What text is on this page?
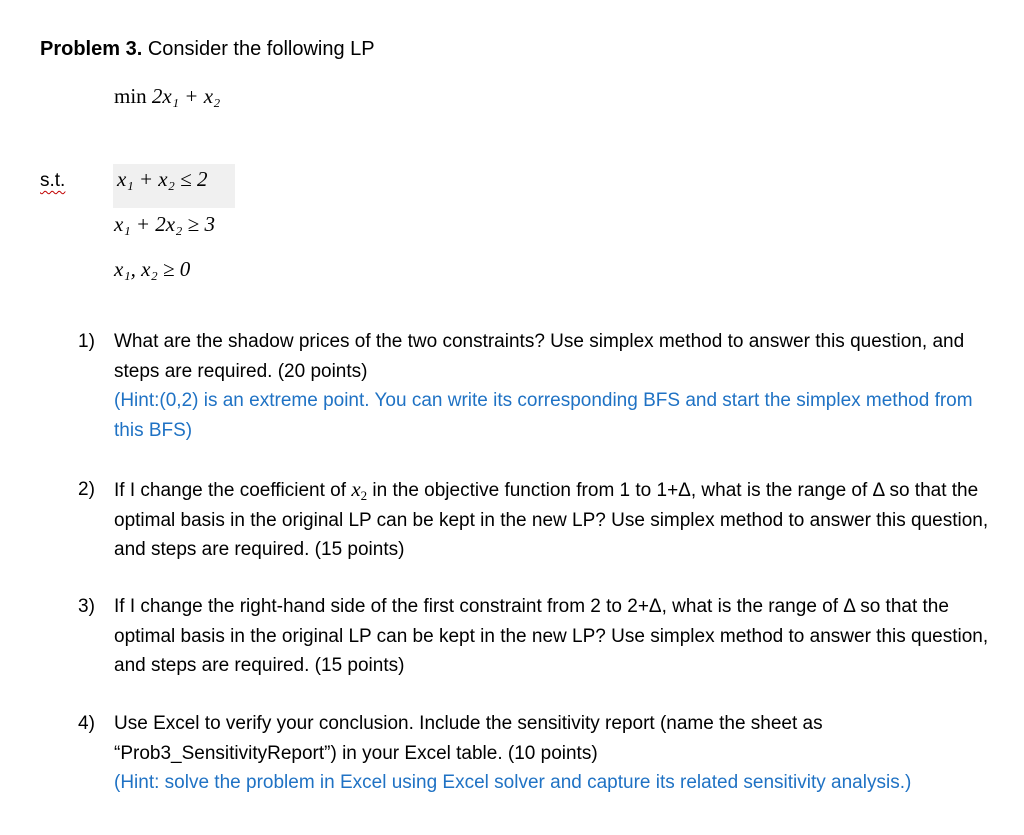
Problem 3. Consider the following LP
min 2x₁ + x₂
s.t. x₁ + x₂ ≤ 2
x₁ + 2x₂ ≥ 3
x₁, x₂ ≥ 0
1) What are the shadow prices of the two constraints? Use simplex method to answer this question, and steps are required. (20 points)
(Hint:(0,2) is an extreme point. You can write its corresponding BFS and start the simplex method from this BFS)
2) If I change the coefficient of $x_2$ in the objective function from 1 to 1+Δ, what is the range of Δ so that the optimal basis in the original LP can be kept in the new LP? Use simplex method to answer this question, and steps are required. (15 points)
3) If I change the right-hand side of the first constraint from 2 to 2+Δ, what is the range of Δ so that the optimal basis in the original LP can be kept in the new LP? Use simplex method to answer this question, and steps are required. (15 points)
4) Use Excel to verify your conclusion. Include the sensitivity report (name the sheet as “Prob3_SensitivityReport”) in your Excel table. (10 points)
(Hint: solve the problem in Excel using Excel solver and capture its related sensitivity analysis.)
